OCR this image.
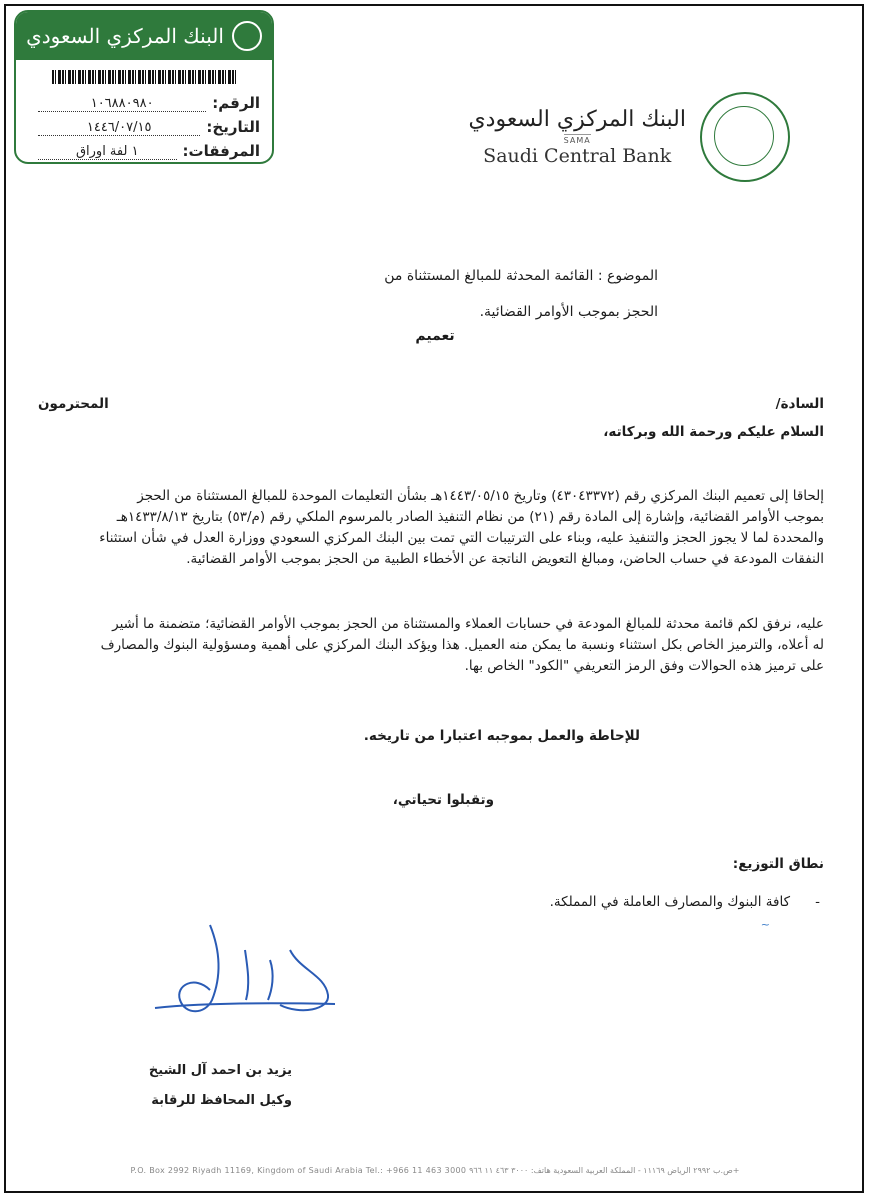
البنك المركزي السعودي
الرقم:
١٠٦٨٨٠٩٨٠
التاريخ:
١٤٤٦/٠٧/١٥
المرفقات:
١ لفة اوراق
البنك المركزي السعودي
SAMA
Saudi Central Bank
الموضوع : القائمة المحدثة للمبالغ المستثناة من
الحجز بموجب الأوامر القضائية.
تعميم
السادة/
المحترمون
السلام عليكم ورحمة الله وبركاته،
إلحاقا إلى تعميم البنك المركزي رقم (٤٣٠٤٣٣٧٢) وتاريخ ١٤٤٣/٠٥/١٥هـ بشأن التعليمات الموحدة للمبالغ المستثناة من الحجز
بموجب الأوامر القضائية، وإشارة إلى المادة رقم (٢١) من نظام التنفيذ الصادر بالمرسوم الملكي رقم (م/٥٣) بتاريخ ١٤٣٣/٨/١٣هـ
والمحددة لما لا يجوز الحجز والتنفيذ عليه، وبناء على الترتيبات التي تمت بين البنك المركزي السعودي ووزارة العدل في شأن استثناء
النفقات المودعة في حساب الحاضن، ومبالغ التعويض الناتجة عن الأخطاء الطبية من الحجز بموجب الأوامر القضائية.
عليه، نرفق لكم قائمة محدثة للمبالغ المودعة في حسابات العملاء والمستثناة من الحجز بموجب الأوامر القضائية؛ متضمنة ما أشير
له أعلاه، والترميز الخاص بكل استثناء ونسبة ما يمكن منه العميل. هذا ويؤكد البنك المركزي على أهمية ومسؤولية البنوك والمصارف
على ترميز هذه الحوالات وفق الرمز التعريفي "الكود" الخاص بها.
للإحاطة والعمل بموجبه اعتبارا من تاريخه.
وتقبلوا تحياتي،
نطاق التوزيع:
-
كافة البنوك والمصارف العاملة في المملكة.
~
يزيد بن احمد آل الشيخ
وكيل المحافظ للرقابة
P.O. Box 2992 Riyadh 11169, Kingdom of Saudi Arabia Tel.: +966 11 463 3000 ص.ب ٢٩٩٢ الرياض ١١١٦٩ - المملكة العربية السعودية هاتف: ٣٠٠٠ ٤٦٣ ١١ ٩٦٦+
